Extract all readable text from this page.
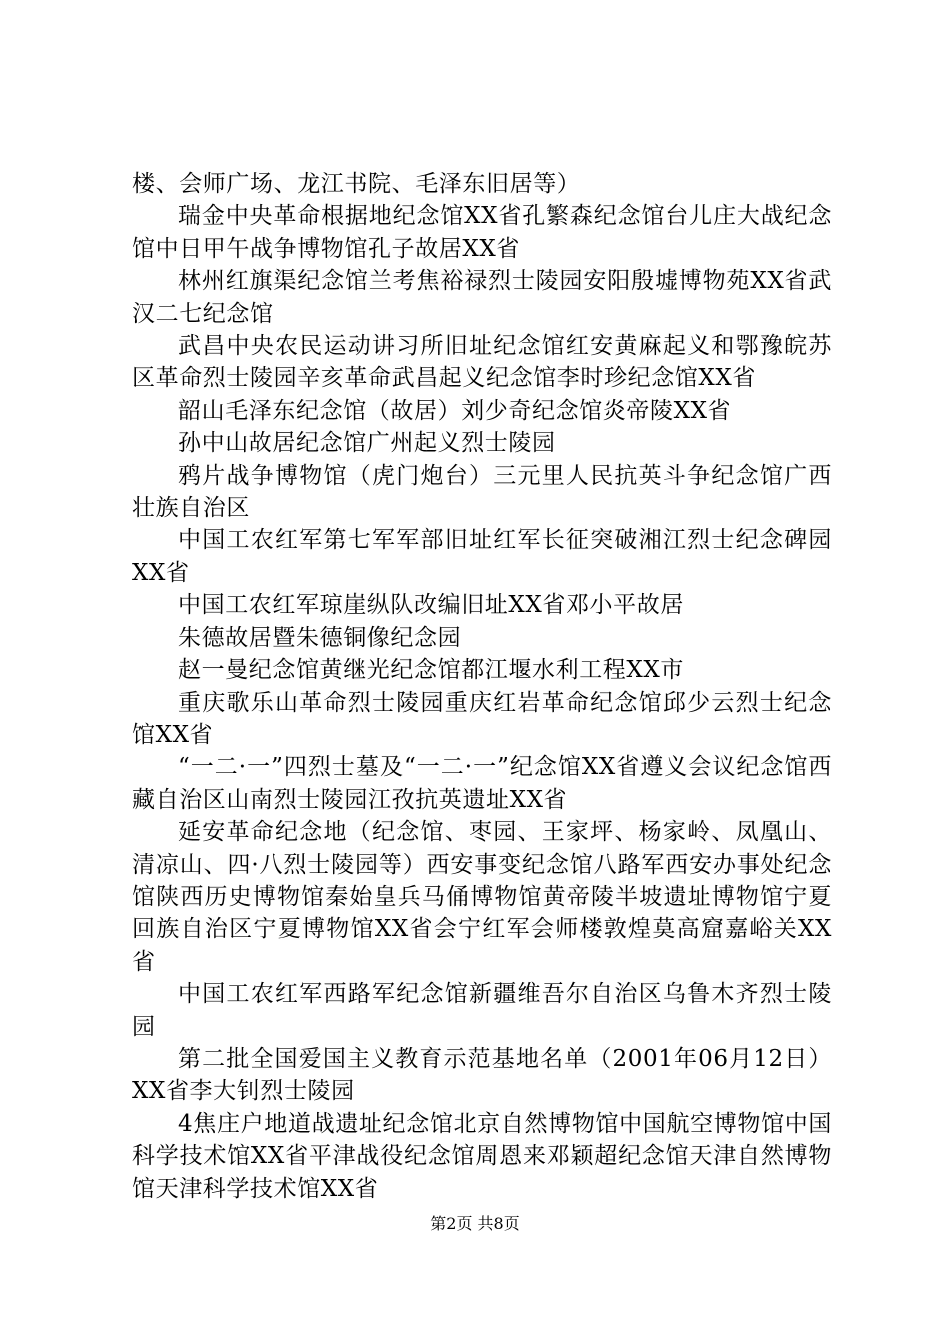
楼、会师广场、龙江书院、毛泽东旧居等）

瑞金中央革命根据地纪念馆XX省孔繁森纪念馆台儿庄大战纪念馆中日甲午战争博物馆孔子故居XX省

林州红旗渠纪念馆兰考焦裕禄烈士陵园安阳殷墟博物苑XX省武汉二七纪念馆

武昌中央农民运动讲习所旧址纪念馆红安黄麻起义和鄂豫皖苏区革命烈士陵园辛亥革命武昌起义纪念馆李时珍纪念馆XX省

韶山毛泽东纪念馆（故居）刘少奇纪念馆炎帝陵XX省

孙中山故居纪念馆广州起义烈士陵园

鸦片战争博物馆（虎门炮台）三元里人民抗英斗争纪念馆广西壮族自治区

中国工农红军第七军军部旧址红军长征突破湘江烈士纪念碑园XX省

中国工农红军琼崖纵队改编旧址XX省邓小平故居

朱德故居暨朱德铜像纪念园

赵一曼纪念馆黄继光纪念馆都江堰水利工程XX市

重庆歌乐山革命烈士陵园重庆红岩革命纪念馆邱少云烈士纪念馆XX省

“一二·一”四烈士墓及“一二·一”纪念馆XX省遵义会议纪念馆西藏自治区山南烈士陵园江孜抗英遗址XX省

延安革命纪念地（纪念馆、枣园、王家坪、杨家岭、凤凰山、清凉山、四·八烈士陵园等）西安事变纪念馆八路军西安办事处纪念馆陕西历史博物馆秦始皇兵马俑博物馆黄帝陵半坡遗址博物馆宁夏回族自治区宁夏博物馆XX省会宁红军会师楼敦煌莫高窟嘉峪关XX省

中国工农红军西路军纪念馆新疆维吾尔自治区乌鲁木齐烈士陵园

第二批全国爱国主义教育示范基地名单（2001年06月12日）XX省李大钊烈士陵园

4焦庄户地道战遗址纪念馆北京自然博物馆中国航空博物馆中国科学技术馆XX省平津战役纪念馆周恩来邓颖超纪念馆天津自然博物馆天津科学技术馆XX省

第2页 共8页
